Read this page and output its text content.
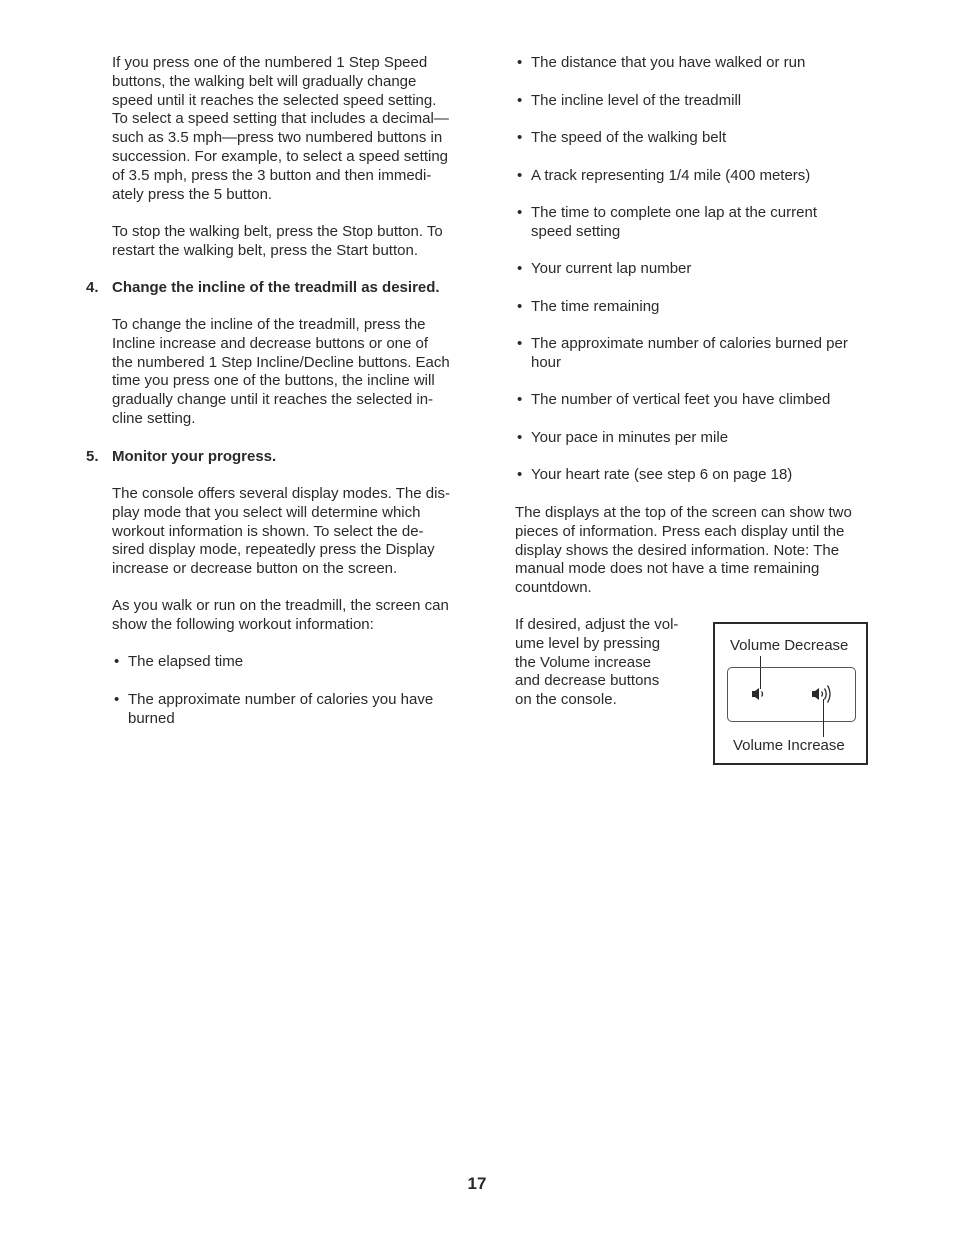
If you press one of the numbered 1 Step Speed
buttons, the walking belt will gradually change
speed until it reaches the selected speed setting.
To select a speed setting that includes a decimal—
such as 3.5 mph—press two numbered buttons in
succession. For example, to select a speed setting
of 3.5 mph, press the 3 button and then immedi-
ately press the 5 button.

To stop the walking belt, press the Stop button. To
restart the walking belt, press the Start button.

4. Change the incline of the treadmill as desired.

To change the incline of the treadmill, press the
Incline increase and decrease buttons or one of
the numbered 1 Step Incline/Decline buttons. Each
time you press one of the buttons, the incline will
gradually change until it reaches the selected in-
cline setting.

5. Monitor your progress.

The console offers several display modes. The dis-
play mode that you select will determine which
workout information is shown. To select the de-
sired display mode, repeatedly press the Display
increase or decrease button on the screen.

As you walk or run on the treadmill, the screen can
show the following workout information:

• The elapsed time

• The approximate number of calories you have
burned

• The distance that you have walked or run

• The incline level of the treadmill

• The speed of the walking belt

• A track representing 1/4 mile (400 meters)

• The time to complete one lap at the current
speed setting

• Your current lap number

• The time remaining

• The approximate number of calories burned per
hour

• The number of vertical feet you have climbed

• Your pace in minutes per mile

• Your heart rate (see step 6 on page 18)

The displays at the top of the screen can show two
pieces of information. Press each display until the
display shows the desired information. Note: The
manual mode does not have a time remaining
countdown.

If desired, adjust the vol-
ume level by pressing
the Volume increase
and decrease buttons
on the console.

Volume Decrease
Volume Increase
17
